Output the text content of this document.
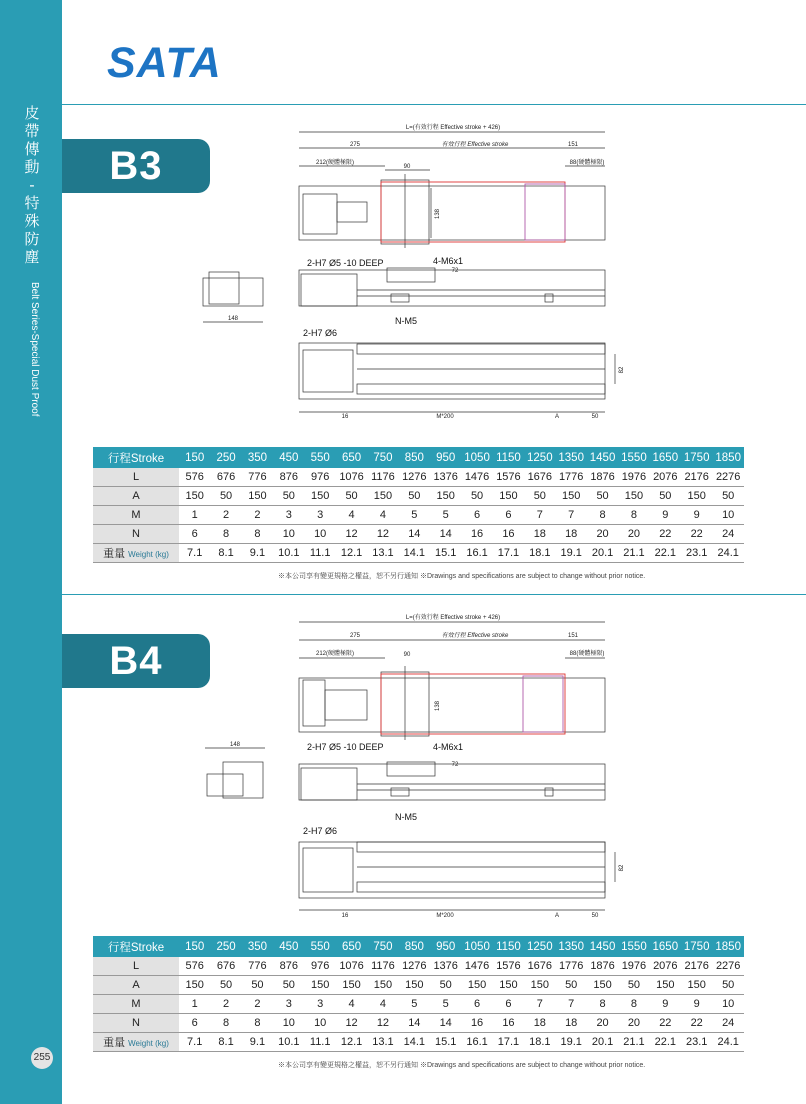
皮
帶
傳
動
-
特
殊
防
塵
Belt Series-Special Dust Proof
255
SATA
B3
L=(有效行程 Effective stroke + 426)
275	有效行程 Effective stroke	151
212(硬體極限)	88(硬體極限)
90
138
2-H7 Ø5 -10 DEEP	4-M6x1
72
148
2-H7 Ø6
N-M5
82
16	M*200	A	50
行程Stroke	150	250	350	450	550	650	750	850	950	1050	1150	1250	1350	1450	1550	1650	1750	1850
L	576	676	776	876	976	1076	1176	1276	1376	1476	1576	1676	1776	1876	1976	2076	2176	2276
A	150	50	150	50	150	50	150	50	150	50	150	50	150	50	150	50	150	50
M	1	2	2	3	3	4	4	5	5	6	6	7	7	8	8	9	9	10
N	6	8	8	10	10	12	12	14	14	16	16	18	18	20	20	22	22	24
重量 Weight (kg)	7.1	8.1	9.1	10.1	11.1	12.1	13.1	14.1	15.1	16.1	17.1	18.1	19.1	20.1	21.1	22.1	23.1	24.1
※本公司享有變更規格之權益，恕不另行通知 ※Drawings and specifications are subject to change without prior notice.
B4
L=(有效行程 Effective stroke + 426)
275	有效行程 Effective stroke	151
212(硬體極限)	88(硬體極限)
90
138
148	2-H7 Ø5 -10 DEEP	4-M6x1
72
2-H7 Ø6
N-M5
82
16	M*200	A	50
行程Stroke	150	250	350	450	550	650	750	850	950	1050	1150	1250	1350	1450	1550	1650	1750	1850
L	576	676	776	876	976	1076	1176	1276	1376	1476	1576	1676	1776	1876	1976	2076	2176	2276
A	150	50	50	50	150	150	150	150	50	150	150	150	50	150	50	150	150	50
M	1	2	2	3	3	4	4	5	5	6	6	7	7	8	8	9	9	10
N	6	8	8	10	10	12	12	14	14	16	16	18	18	20	20	22	22	24
重量 Weight (kg)	7.1	8.1	9.1	10.1	11.1	12.1	13.1	14.1	15.1	16.1	17.1	18.1	19.1	20.1	21.1	22.1	23.1	24.1
※本公司享有變更規格之權益，恕不另行通知 ※Drawings and specifications are subject to change without prior notice.
